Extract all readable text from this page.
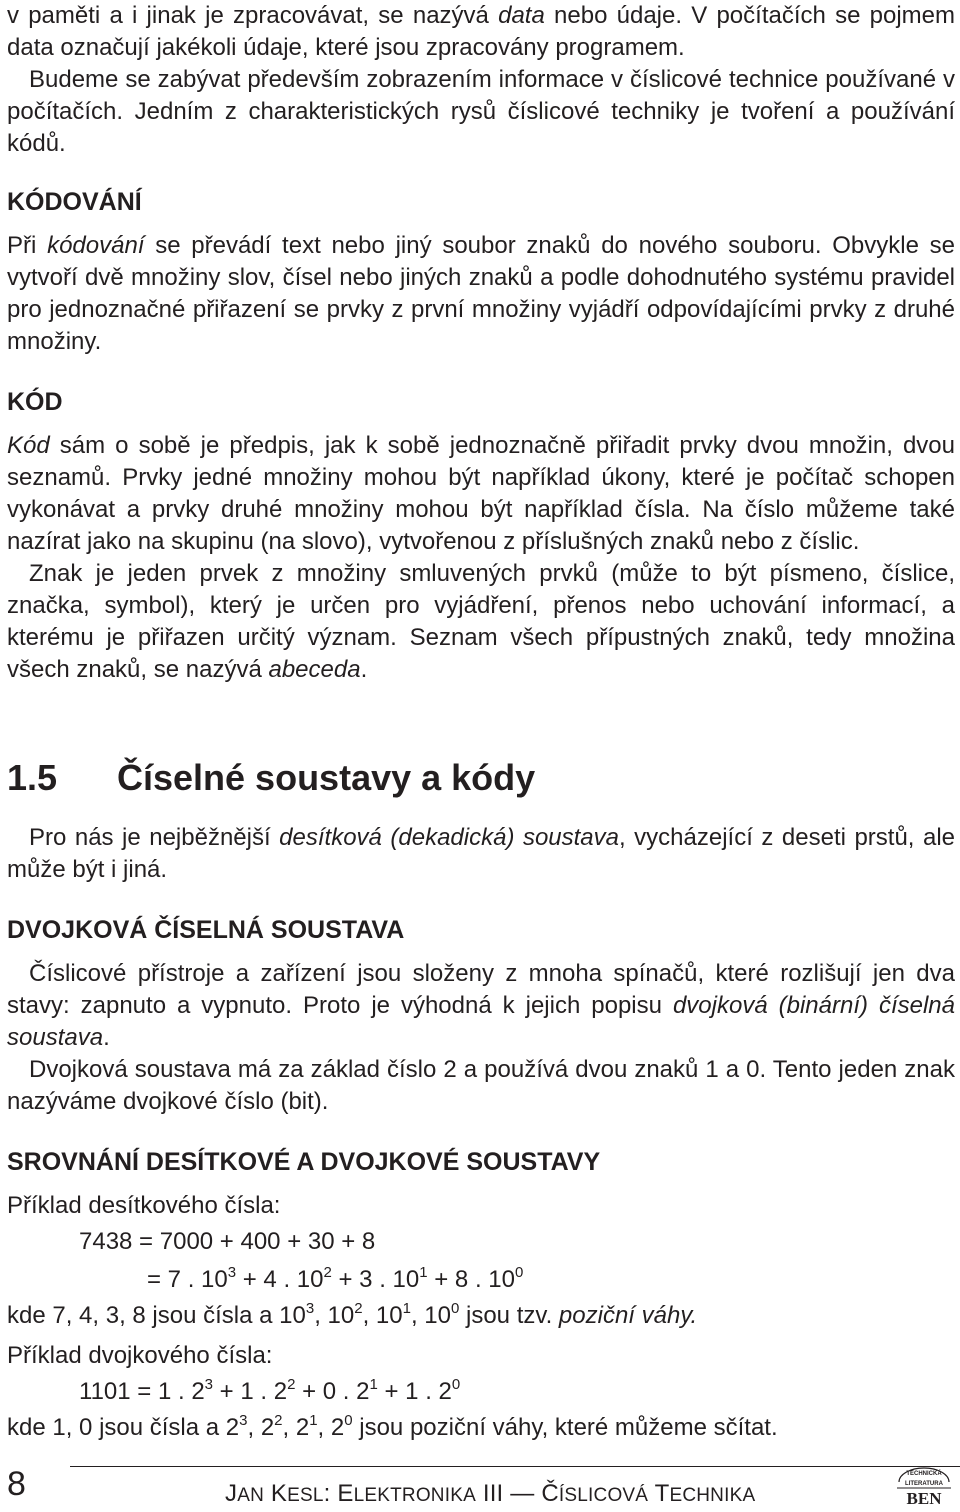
v paměti a i jinak je zpracovávat, se nazývá data nebo údaje. V počítačích se pojmem data označují jakékoli údaje, které jsou zpracovány programem.

Budeme se zabývat především zobrazením informace v číslicové technice používané v počítačích. Jedním z charakteristických rysů číslicové techniky je tvoření a používání kódů.

KÓDOVÁNÍ

Při kódování se převádí text nebo jiný soubor znaků do nového souboru. Obvykle se vytvoří dvě množiny slov, čísel nebo jiných znaků a podle dohodnutého systému pravidel pro jednoznačné přiřazení se prvky z první množiny vyjádří odpovídajícími prvky z druhé množiny.

KÓD

Kód sám o sobě je předpis, jak k sobě jednoznačně přiřadit prvky dvou množin, dvou seznamů. Prvky jedné množiny mohou být například úkony, které je počítač schopen vykonávat a prvky druhé množiny mohou být například čísla. Na číslo můžeme také nazírat jako na skupinu (na slovo), vytvořenou z příslušných znaků nebo z číslic.

Znak je jeden prvek z množiny smluvených prvků (může to být písmeno, číslice, značka, symbol), který je určen pro vyjádření, přenos nebo uchování informací, a kterému je přiřazen určitý význam. Seznam všech přípustných znaků, tedy množina všech znaků, se nazývá abeceda.

1.5 Číselné soustavy a kódy

Pro nás je nejběžnější desítková (dekadická) soustava, vycházející z deseti prstů, ale může být i jiná.

DVOJKOVÁ ČÍSELNÁ SOUSTAVA

Číslicové přístroje a zařízení jsou složeny z mnoha spínačů, které rozlišují jen dva stavy: zapnuto a vypnuto. Proto je výhodná k jejich popisu dvojková (binární) číselná soustava.

Dvojková soustava má za základ číslo 2 a používá dvou znaků 1 a 0. Tento jeden znak nazýváme dvojkové číslo (bit).

SROVNÁNÍ DESÍTKOVÉ A DVOJKOVÉ SOUSTAVY
Příklad desítkového čísla:
7438 = 7000 + 400 + 30 + 8
= 7 . $10^3 + 4$ . $10^2 + 3$ . $10^1 + 8$ . $10^0$
kde 7, 4, 3, 8 jsou čísla a $10^3$, $10^2$, $10^1$, $10^0$ jsou tzv. poziční váhy.
Příklad dvojkového čísla:
1101 = 1 . $2^3 + 1$ . $2^2 + 0$ . $2^1 + 1$ . $2^0$
kde 1, 0 jsou čísla a $2^3$, $2^2$, $2^1$, $2^0$ jsou poziční váhy, které můžeme sčítat.
8	JAN KESL: ELEKTRONIKA III — ČÍSLICOVÁ TECHNIKA
TECHNICKÁ
LITERATURA
BEN
